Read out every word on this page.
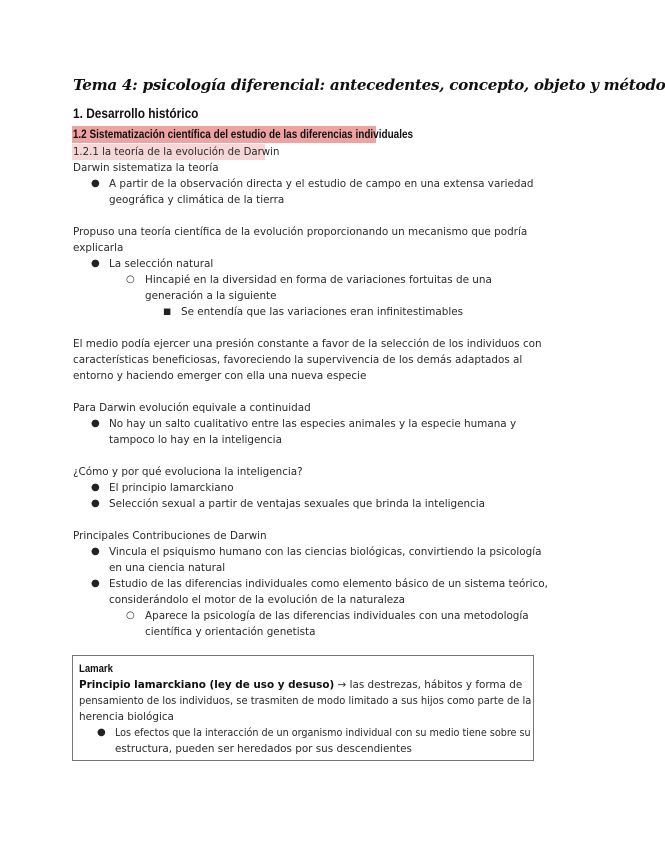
Tema 4: psicología diferencial: antecedentes, concepto, objeto y método
1. Desarrollo histórico
1.2 Sistematización científica del estudio de las diferencias individuales
1.2.1 la teoría de la evolución de Darwin
Darwin sistematiza la teoría
● A partir de la observación directa y el estudio de campo en una extensa variedad
geográfica y climática de la tierra
Propuso una teoría científica de la evolución proporcionando un mecanismo que podría
explicarla
● La selección natural
○ Hincapié en la diversidad en forma de variaciones fortuitas de una
generación a la siguiente
■ Se entendía que las variaciones eran infinitestimables
El medio podía ejercer una presión constante a favor de la selección de los individuos con
características beneficiosas, favoreciendo la supervivencia de los demás adaptados al
entorno y haciendo emerger con ella una nueva especie
Para Darwin evolución equivale a continuidad
● No hay un salto cualitativo entre las especies animales y la especie humana y
tampoco lo hay en la inteligencia
¿Cómo y por qué evoluciona la inteligencia?
● El principio lamarckiano
● Selección sexual a partir de ventajas sexuales que brinda la inteligencia
Principales Contribuciones de Darwin
● Vincula el psiquismo humano con las ciencias biológicas, convirtiendo la psicología
en una ciencia natural
● Estudio de las diferencias individuales como elemento básico de un sistema teórico,
considerándolo el motor de la evolución de la naturaleza
○ Aparece la psicología de las diferencias individuales con una metodología
científica y orientación genetista
Lamark
Principio lamarckiano (ley de uso y desuso) → las destrezas, hábitos y forma de
pensamiento de los individuos, se trasmiten de modo limitado a sus hijos como parte de la
herencia biológica
● Los efectos que la interacción de un organismo individual con su medio tiene sobre su
estructura, pueden ser heredados por sus descendientes
